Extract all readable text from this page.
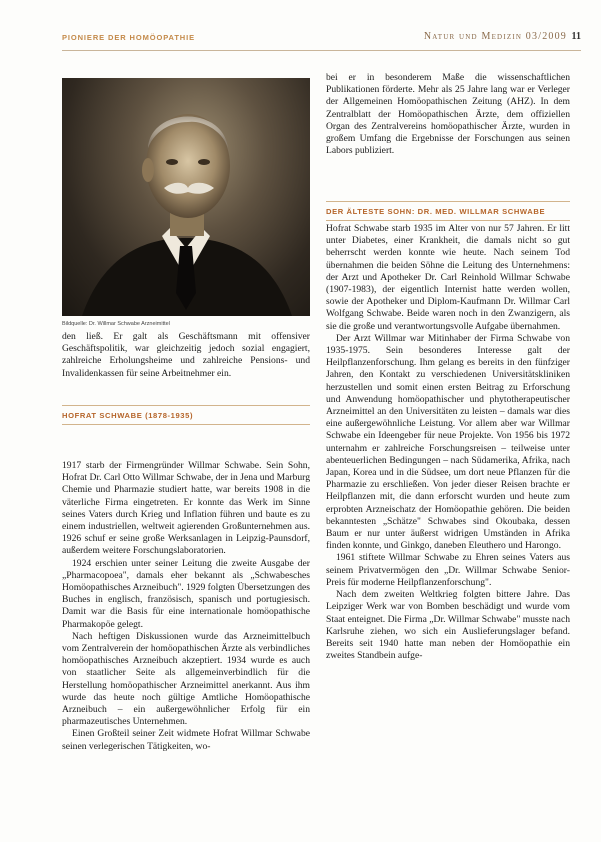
PIONIERE DER HOMÖOPATHIE	Natur und Medizin 03/2009 11
Bildquelle: Dr. Willmar Schwabe Arzneimittel

den ließ. Er galt als Geschäftsmann mit offensiver Geschäftspolitik, war gleichzeitig jedoch sozial engagiert, zahlreiche Erholungsheime und zahlreiche Pensions- und Invalidenkassen für seine Arbeitnehmer ein.

HOFRAT SCHWABE (1878-1935)

1917 starb der Firmengründer Willmar Schwabe. Sein Sohn, Hofrat Dr. Carl Otto Willmar Schwabe, der in Jena und Marburg Chemie und Pharmazie studiert hatte, war bereits 1908 in die väterliche Firma eingetreten. Er konnte das Werk im Sinne seines Vaters durch Krieg und Inflation führen und baute es zu einem industriellen, weltweit agierenden Großunternehmen aus. 1926 schuf er seine große Werksanlagen in Leipzig-Paunsdorf, außerdem weitere Forschungslaboratorien.

1924 erschien unter seiner Leitung die zweite Ausgabe der „Pharmacopoea", damals eher bekannt als „Schwabesches Homöopathisches Arzneibuch". 1929 folgten Übersetzungen des Buches in englisch, französisch, spanisch und portugiesisch. Damit war die Basis für eine internationale homöopathische Pharmakopöe gelegt.

Nach heftigen Diskussionen wurde das Arzneimittelbuch vom Zentralverein der homöopathischen Ärzte als verbindliches homöopathisches Arzneibuch akzeptiert. 1934 wurde es auch von staatlicher Seite als allgemeinverbindlich für die Herstellung homöopathischer Arzneimittel anerkannt. Aus ihm wurde das heute noch gültige Amtliche Homöopathische Arzneibuch – ein außergewöhnlicher Erfolg für ein pharmazeutisches Unternehmen.

Einen Großteil seiner Zeit widmete Hofrat Willmar Schwabe seinen verlegerischen Tätigkeiten, wo-

bei er in besonderem Maße die wissenschaftlichen Publikationen förderte. Mehr als 25 Jahre lang war er Verleger der Allgemeinen Homöopathischen Zeitung (AHZ). In dem Zentralblatt der Homöopathischen Ärzte, dem offiziellen Organ des Zentralvereins homöopathischer Ärzte, wurden in großem Umfang die Ergebnisse der Forschungen aus seinen Labors publiziert.

DER ÄLTESTE SOHN: DR. MED. WILLMAR SCHWABE

Hofrat Schwabe starb 1935 im Alter von nur 57 Jahren. Er litt unter Diabetes, einer Krankheit, die damals nicht so gut beherrscht werden konnte wie heute. Nach seinem Tod übernahmen die beiden Söhne die Leitung des Unternehmens: der Arzt und Apotheker Dr. Carl Reinhold Willmar Schwabe (1907-1983), der eigentlich Internist hatte werden wollen, sowie der Apotheker und Diplom-Kaufmann Dr. Willmar Carl Wolfgang Schwabe. Beide waren noch in den Zwanzigern, als sie die große und verantwortungsvolle Aufgabe übernahmen.

Der Arzt Willmar war Mitinhaber der Firma Schwabe von 1935-1975. Sein besonderes Interesse galt der Heilpflanzenforschung. Ihm gelang es bereits in den fünfziger Jahren, den Kontakt zu verschiedenen Universitätskliniken herzustellen und somit einen ersten Beitrag zu Erforschung und Anwendung homöopathischer und phytotherapeutischer Arzneimittel an den Universitäten zu leisten – damals war dies eine außergewöhnliche Leistung. Vor allem aber war Willmar Schwabe ein Ideengeber für neue Projekte. Von 1956 bis 1972 unternahm er zahlreiche Forschungsreisen – teilweise unter abenteuerlichen Bedingungen – nach Südamerika, Afrika, nach Japan, Korea und in die Südsee, um dort neue Pflanzen für die Pharmazie zu erschließen. Von jeder dieser Reisen brachte er Heilpflanzen mit, die dann erforscht wurden und heute zum erprobten Arzneischatz der Homöopathie gehören. Die beiden bekanntesten „Schätze" Schwabes sind Okoubaka, dessen Baum er nur unter äußerst widrigen Umständen in Afrika finden konnte, und Ginkgo, daneben Eleuthero und Harongo.

1961 stiftete Willmar Schwabe zu Ehren seines Vaters aus seinem Privatvermögen den „Dr. Willmar Schwabe Senior-Preis für moderne Heilpflanzenforschung".

Nach dem zweiten Weltkrieg folgten bittere Jahre. Das Leipziger Werk war von Bomben beschädigt und wurde vom Staat enteignet. Die Firma „Dr. Willmar Schwabe" musste nach Karlsruhe ziehen, wo sich ein Auslieferungslager befand. Bereits seit 1940 hatte man neben der Homöopathie ein zweites Standbein aufge-
